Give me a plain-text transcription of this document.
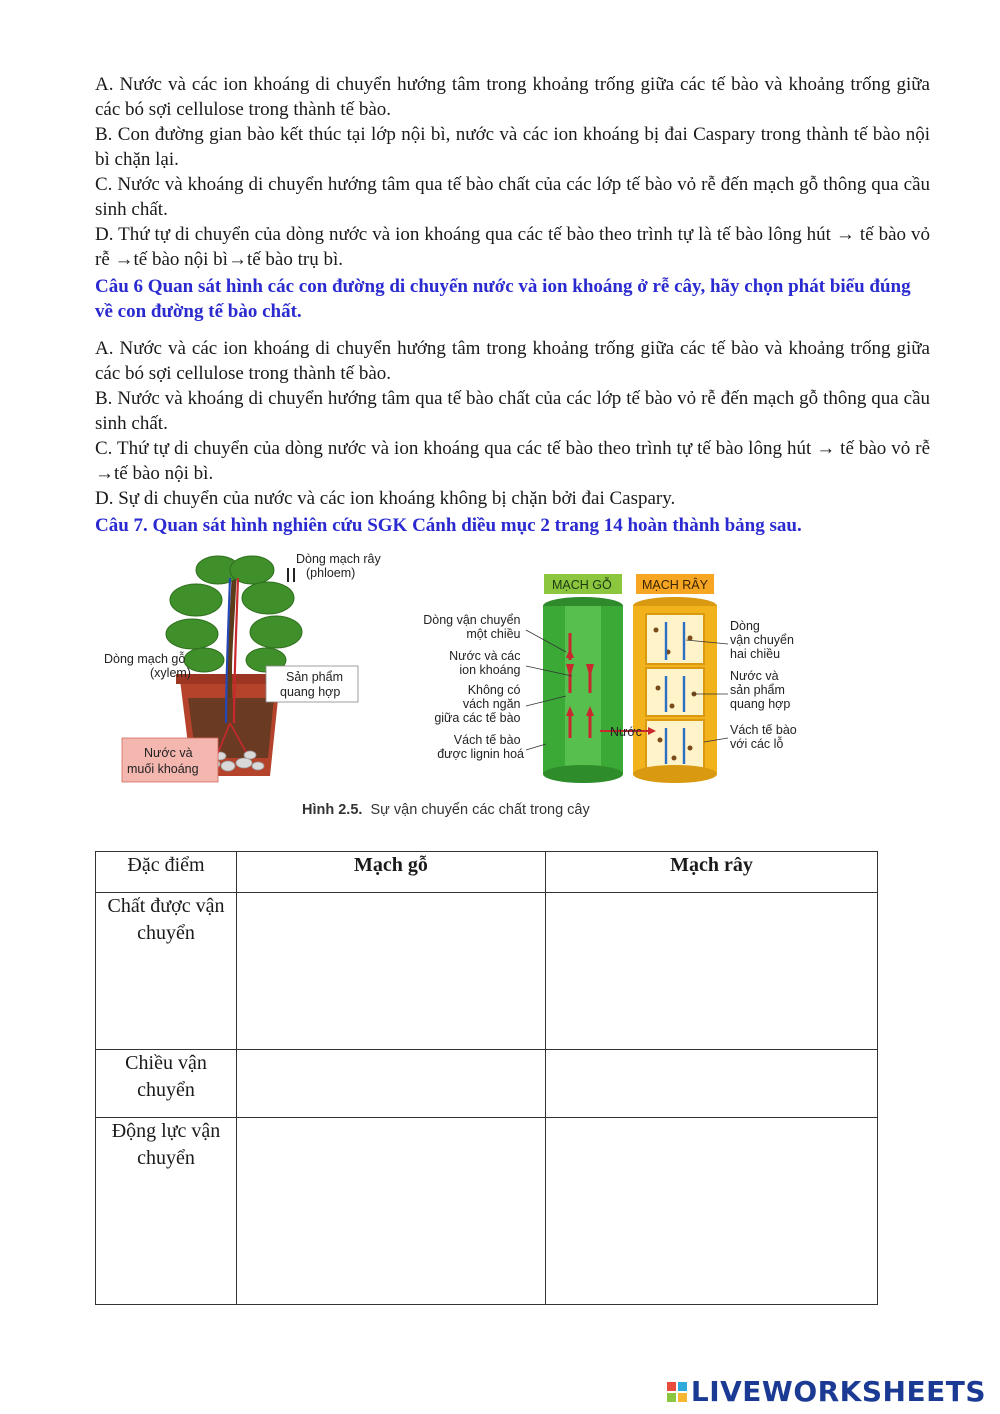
A. Nước và các ion khoáng di chuyển hướng tâm trong khoảng trống giữa các tế bào và khoảng trống giữa các bó sợi cellulose trong thành tế bào.
B. Con đường gian bào kết thúc tại lớp nội bì, nước và các ion khoáng bị đai Caspary trong thành tế bào nội bì chặn lại.
C. Nước và khoáng di chuyển hướng tâm qua tế bào chất của các lớp tế bào vỏ rễ đến mạch gỗ thông qua cầu sinh chất.
D. Thứ tự di chuyển của dòng nước và ion khoáng qua các tế bào theo trình tự là tế bào lông hút → tế bào vỏ rễ →tế bào nội bì→tế bào trụ bì.
Câu 6 Quan sát hình các con đường di chuyển nước và ion khoáng ở rễ cây, hãy chọn phát biểu đúng về con đường tế bào chất.
A. Nước và các ion khoáng di chuyển hướng tâm trong khoảng trống giữa các tế bào và khoảng trống giữa các bó sợi cellulose trong thành tế bào.
B. Nước và khoáng di chuyển hướng tâm qua tế bào chất của các lớp tế bào vỏ rễ đến mạch gỗ thông qua cầu sinh chất.
C. Thứ tự di chuyển của dòng nước và ion khoáng qua các tế bào theo trình tự tế bào lông hút → tế bào vỏ rễ →tế bào nội bì.
D. Sự di chuyển của nước và các ion khoáng không bị chặn bởi đai Caspary.
Câu 7. Quan sát hình nghiên cứu SGK Cánh diều mục 2 trang 14 hoàn thành bảng sau.
Dòng mạch rây
(phloem)
Dòng mạch gỗ
(xylem)	Sản phẩm
quang hợp
Nước và
muối khoáng
MẠCH GỖ MẠCH RÂY
Nước
Dòng vận chuyển một chiều Nước và các ion khoáng Không có vách ngăn giữa các tế bào Vách tế bào được lignin hoá
Dòng vận chuyển hai chiều Nước và sản phẩm quang hợp Vách tế bào với các lỗ
Hình 2.5. Sự vận chuyển các chất trong cây
Đặc điểm	Mạch gỗ	Mạch rây
Chất được vận chuyển		
Chiều vận chuyển		
Động lực vận chuyển		
LIVEWORKSHEETS
